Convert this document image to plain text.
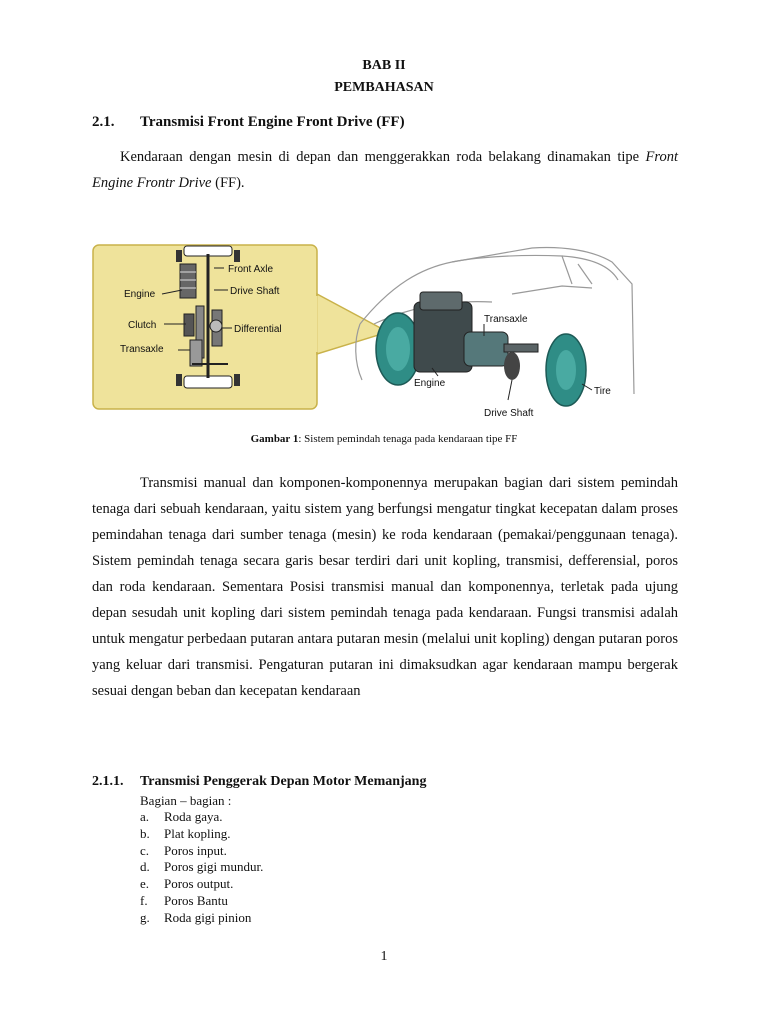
BAB II
PEMBAHASAN
2.1. Transmisi Front Engine Front Drive (FF)
Kendaraan dengan mesin di depan dan menggerakkan roda belakang dinamakan tipe Front Engine Frontr Drive (FF).
Front Axle
Engine	Drive Shaft
Clutch	Differential
Transaxle
Transaxle
Engine
Tire
Drive Shaft
Gambar 1: Sistem pemindah tenaga pada kendaraan tipe FF
Transmisi manual dan komponen-komponennya merupakan bagian dari sistem pemindah tenaga dari sebuah kendaraan, yaitu sistem yang berfungsi mengatur tingkat kecepatan dalam proses pemindahan tenaga dari sumber tenaga (mesin) ke roda kendaraan (pemakai/penggunaan tenaga). Sistem pemindah tenaga secara garis besar terdiri dari unit kopling, transmisi, defferensial, poros dan roda kendaraan. Sementara Posisi transmisi manual dan komponennya, terletak pada ujung depan sesudah unit kopling dari sistem pemindah tenaga pada kendaraan. Fungsi transmisi adalah untuk mengatur perbedaan putaran antara putaran mesin (melalui unit kopling) dengan putaran poros yang keluar dari transmisi. Pengaturan putaran ini dimaksudkan agar kendaraan mampu bergerak sesuai dengan beban dan kecepatan kendaraan
2.1.1. Transmisi Penggerak Depan Motor Memanjang
Bagian – bagian :
a.	Roda gaya.
b.	Plat kopling.
c.	Poros input.
d.	Poros gigi mundur.
e.	Poros output.
f.	Poros Bantu
g.	Roda gigi pinion
1
